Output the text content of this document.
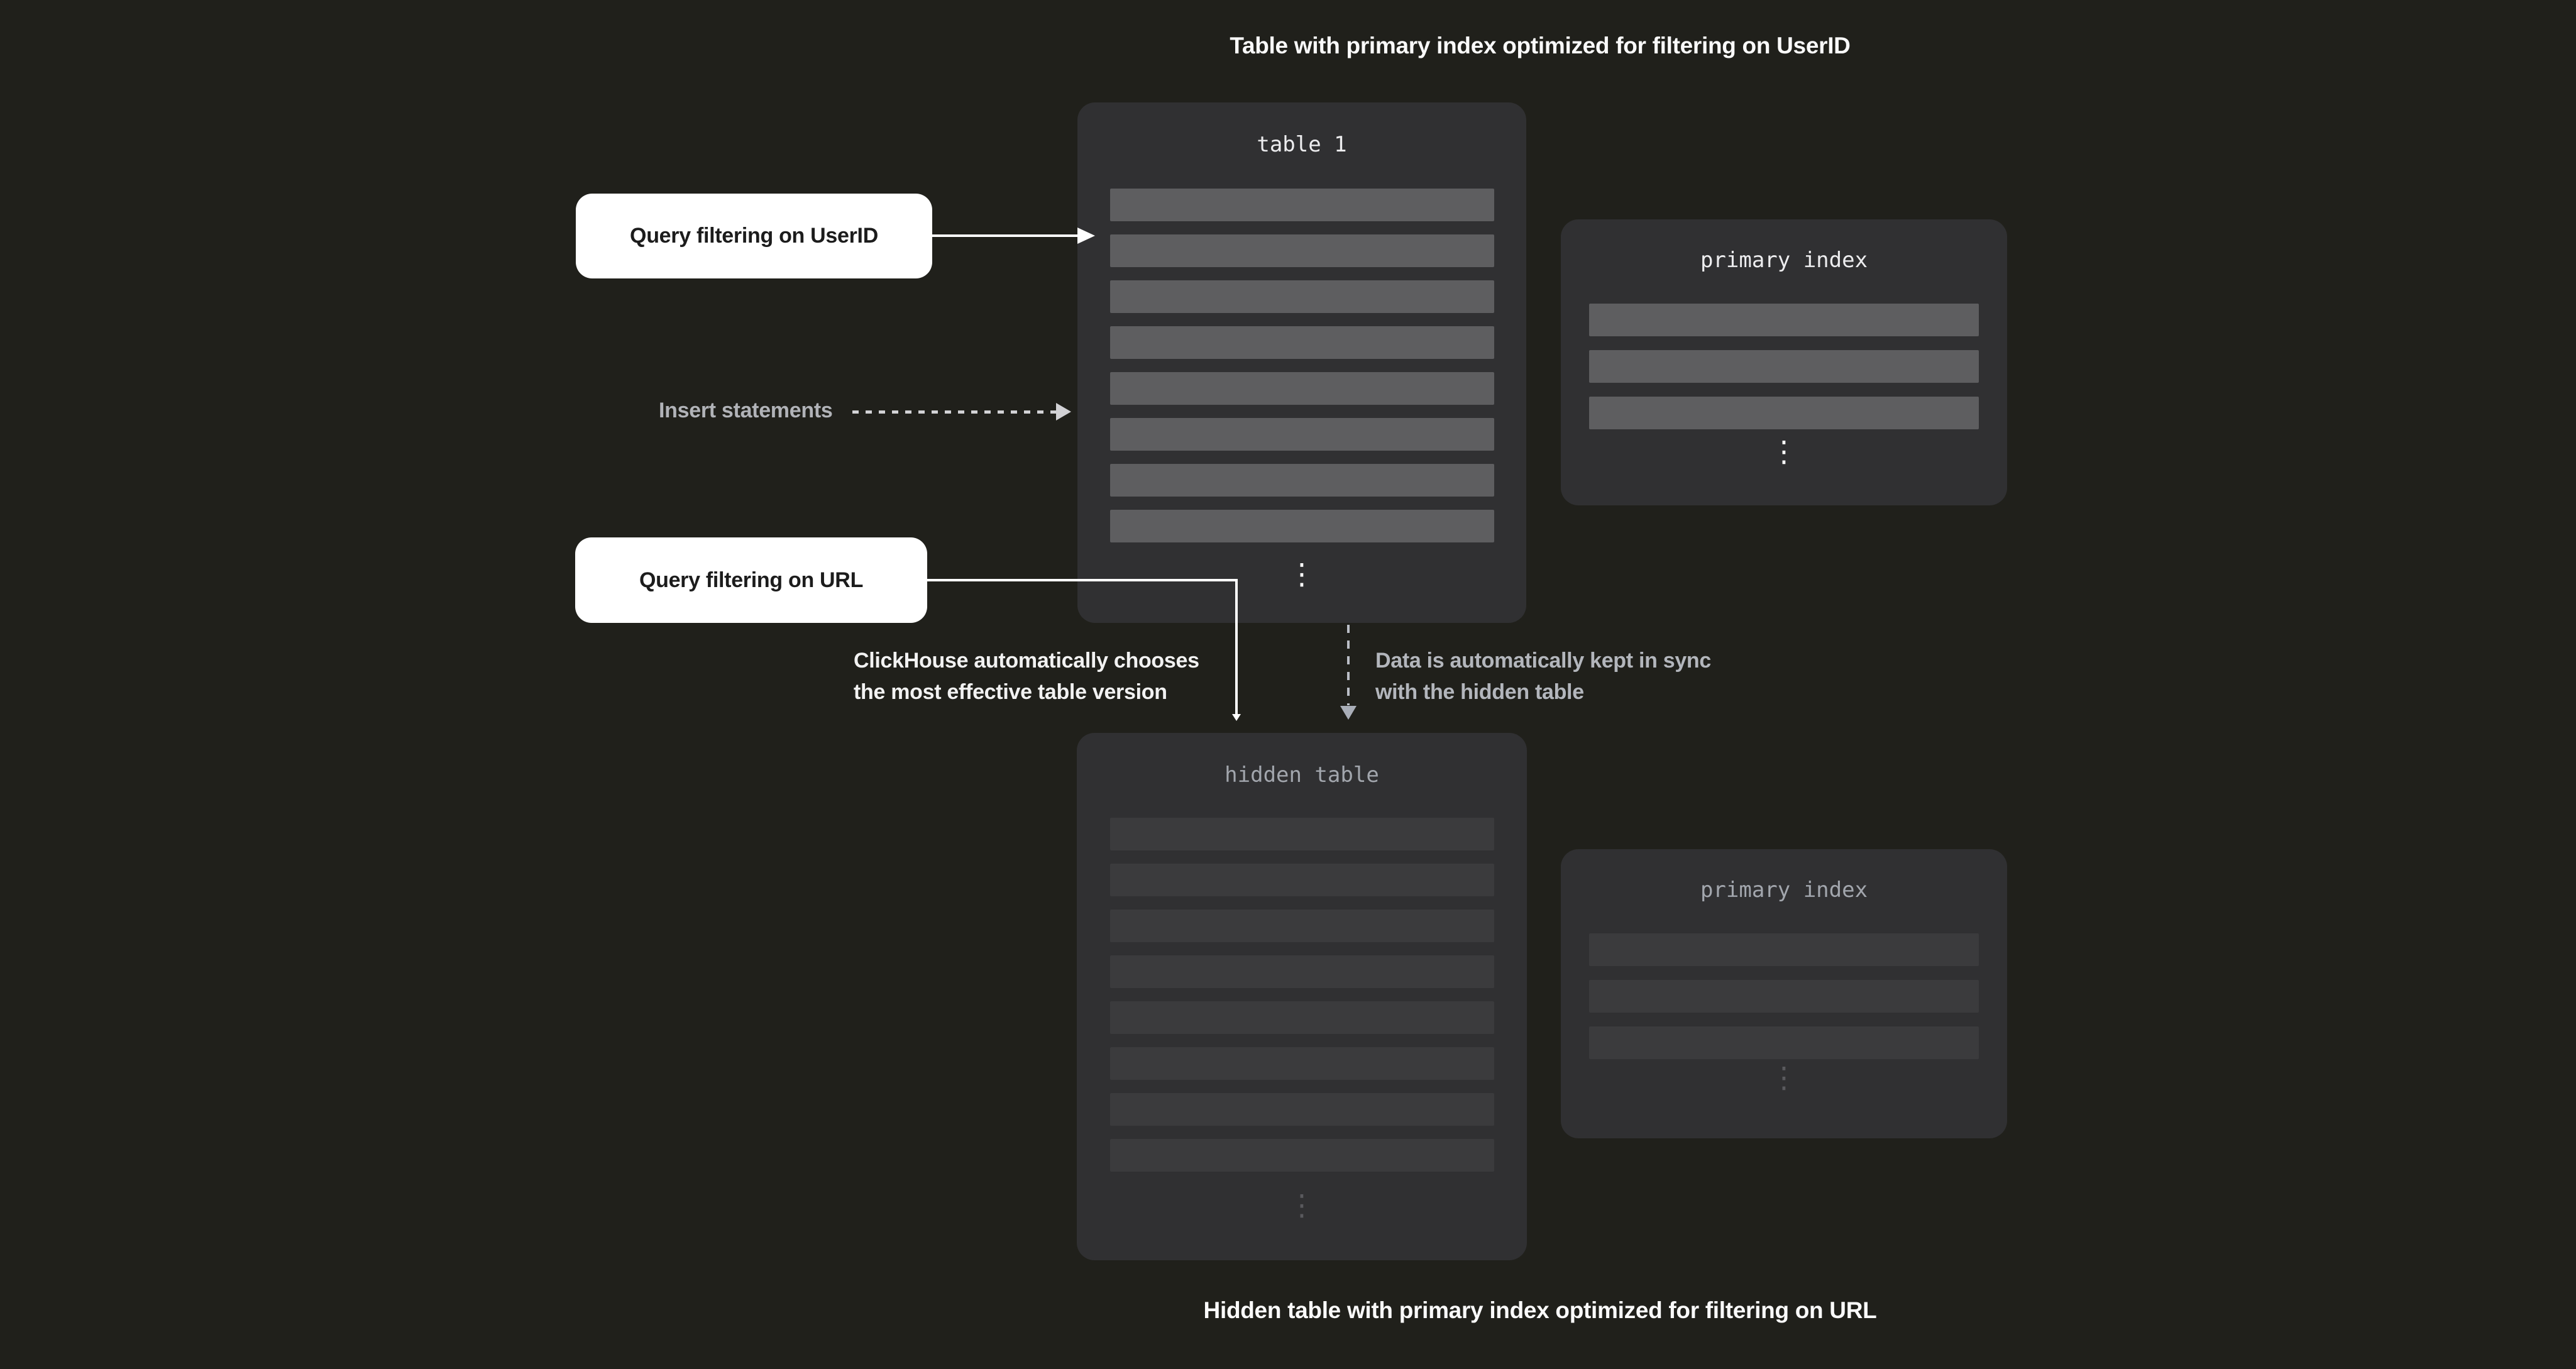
Table with primary index optimized for filtering on UserID
table 1
⋮
primary index
⋮
hidden table
⋮
primary index
⋮
Query filtering on UserID
Insert statements
Query filtering on URL
ClickHouse automatically chooses
the most effective table version
Data is automatically kept in sync
with the hidden table
Hidden table with primary index optimized for filtering on URL
